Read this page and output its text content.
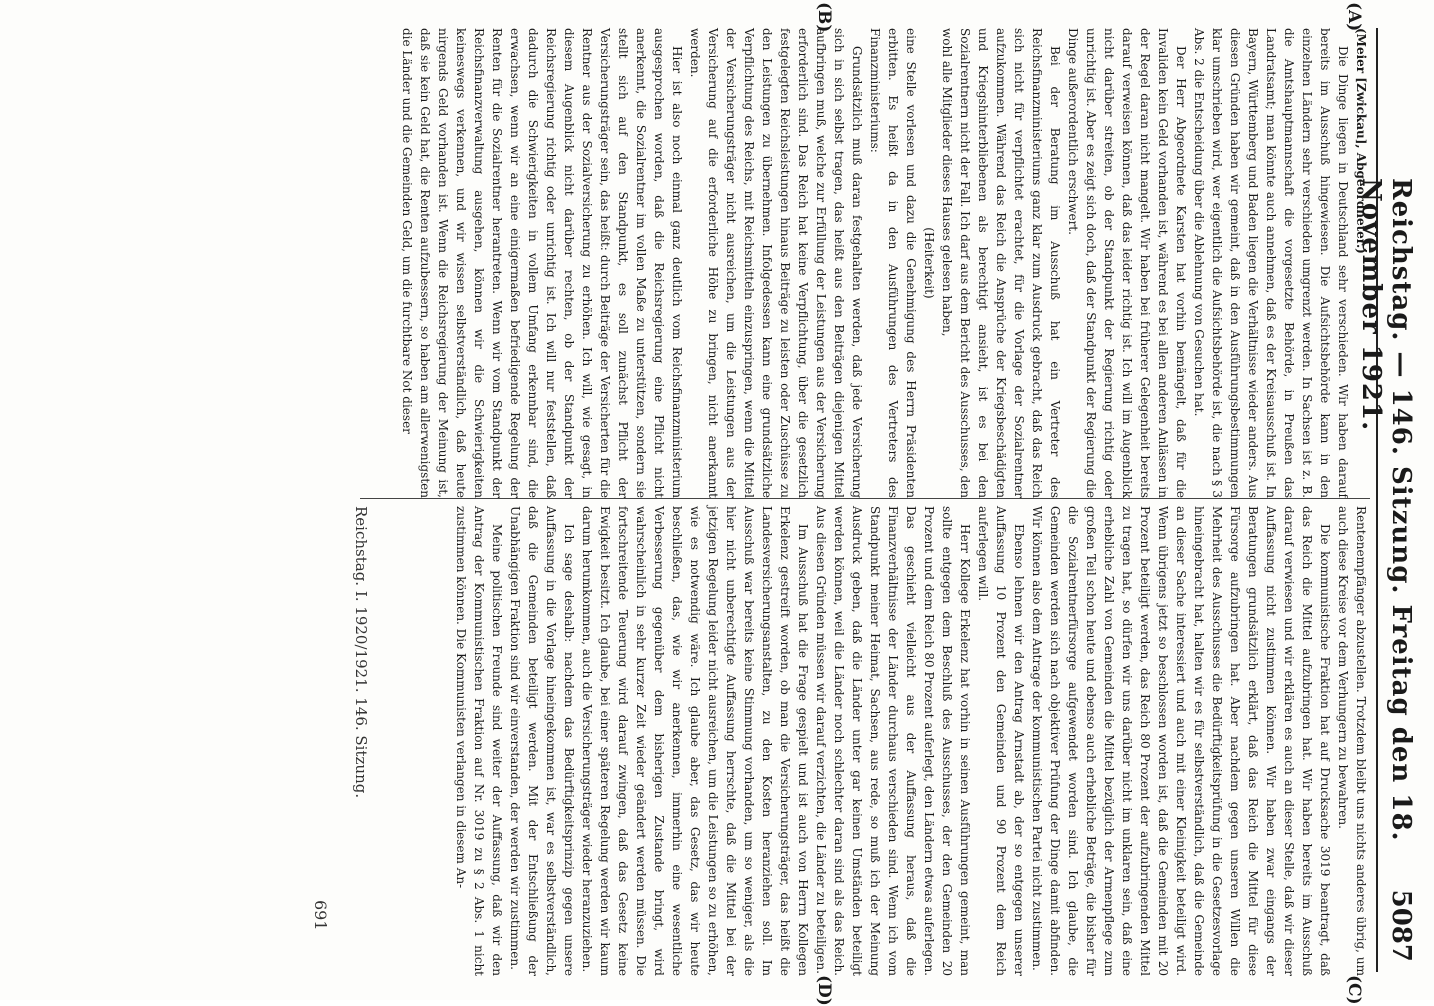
5087
Reichstag. — 146. Sitzung. Freitag den 18. November 1921.
(A)
(B)
(C)
(D)

(Meier [Zwickau], Abgeordneter.)

Die Dinge liegen in Deutschland sehr verschieden. Wir haben darauf bereits im Ausschuß hingewiesen. Die Aufsichtsbehörde kann in den einzelnen Ländern sehr verschieden umgrenzt werden. In Sachsen ist z. B. die Amtshauptmannschaft die vorgesetzte Behörde, in Preußen das Landratsamt; man könnte auch annehmen, daß es der Kreisausschuß ist. In Bayern, Württemberg und Baden liegen die Verhältnisse wieder anders. Aus diesen Gründen haben wir gemeint, daß in den Ausführungsbestimmungen klar umschrieben wird, wer eigentlich die Aufsichtsbehörde ist, die nach § 3 Abs. 2 die Entscheidung über die Ablehnung von Gesuchen hat.

Der Herr Abgeordnete Karsten hat vorhin bemängelt, daß für die Invaliden kein Geld vorhanden ist, während es bei allen anderen Anlässen in der Regel daran nicht mangelt. Wir haben bei früherer Gelegenheit bereits darauf verweisen können, daß das leider richtig ist. Ich will im Augenblick nicht darüber streiten, ob der Standpunkt der Regierung richtig oder unrichtig ist. Aber es zeigt sich doch, daß der Standpunkt der Regierung die Dinge außerordentlich erschwert.

Bei der Beratung im Ausschuß hat ein Vertreter des Reichsfinanzministeriums ganz klar zum Ausdruck gebracht, daß das Reich sich nicht für verpflichtet erachtet, für die Vorlage der Sozialrentner aufzukommen. Während das Reich die Ansprüche der Kriegsbeschädigten und Kriegshinterbliebenen als berechtigt ansieht, ist es bei den Sozialrentnern nicht der Fall. Ich darf aus dem Bericht des Ausschusses, den wohl alle Mitglieder dieses Hauses gelesen haben,

(Heiterkeit)

eine Stelle vorlesen und dazu die Genehmigung des Herrn Präsidenten erbitten. Es heißt da in den Ausführungen des Vertreters des Finanzministeriums:

Grundsätzlich muß daran festgehalten werden, daß jede Versicherung sich in sich selbst tragen, das heißt aus den Beiträgen diejenigen Mittel aufbringen muß, welche zur Erfüllung der Leistungen aus der Versicherung erforderlich sind. Das Reich hat keine Verpflichtung, über die gesetzlich festgelegten Reichsleistungen hinaus Beiträge zu leisten oder Zuschüsse zu den Leistungen zu übernehmen. Infolgedessen kann eine grundsätzliche Verpflichtung des Reichs, mit Reichsmitteln einzuspringen, wenn die Mittel der Versicherungsträger nicht ausreichen, um die Leistungen aus der Versicherung auf die erforderliche Höhe zu bringen, nicht anerkannt werden.

Hier ist also noch einmal ganz deutlich vom Reichsfinanzministerium ausgesprochen worden, daß die Reichsregierung eine Pflicht nicht anerkennt, die Sozialrentner im vollen Maße zu unterstützen, sondern sie stellt sich auf den Standpunkt, es soll zunächst Pflicht der Versicherungsträger sein, das heißt: durch Beiträge der Versicherten für die Rentner aus der Sozialversicherung zu erhöhen. Ich will, wie gesagt, in diesem Augenblick nicht darüber rechten, ob der Standpunkt der Reichsregierung richtig oder unrichtig ist. Ich will nur feststellen, daß dadurch die Schwierigkeiten in vollem Umfang erkennbar sind, die erwachsen, wenn wir an eine einigermaßen befriedigende Regelung der Renten für die Sozialrentner herantreten. Wenn wir vom Standpunkt der Reichsfinanzverwaltung ausgehen, können wir die Schwierigkeiten keineswegs verkennen, und wir wissen selbstverständlich, daß heute nirgends Geld vorhanden ist. Wenn die Reichsregierung der Meinung ist, daß sie kein Geld hat, die Renten aufzubessern, so haben am allerwenigsten die Länder und die Gemeinden Geld, um die furchtbare Not dieser

Rentenempfänger abzustellen. Trotzdem bleibt uns nichts anderes übrig, um auch diese Kreise vor dem Verhungern zu bewahren.

Die kommunistische Fraktion hat auf Drucksache 3019 beantragt, daß das Reich die Mittel aufzubringen hat. Wir haben bereits im Ausschuß darauf verwiesen und wir erklären es auch an dieser Stelle, daß wir dieser Auffassung nicht zustimmen können. Wir haben zwar eingangs der Beratungen grundsätzlich erklärt, daß das Reich die Mittel für diese Fürsorge aufzubringen hat. Aber nachdem gegen unseren Willen die Mehrheit des Ausschusses die Bedürftigkeitsprüfung in die Gesetzesvorlage hineingebracht hat, halten wir es für selbstverständlich, daß die Gemeinde an dieser Sache interessiert und auch mit einer Kleinigkeit beteiligt wird. Wenn übrigens jetzt so beschlossen worden ist, daß die Gemeinden mit 20 Prozent beteiligt werden, das Reich 80 Prozent der aufzubringenden Mittel zu tragen hat, so dürfen wir uns darüber nicht im unklaren sein, daß eine erhebliche Zahl von Gemeinden die Mittel bezüglich der Armenpflege zum großen Teil schon heute und ebenso auch erhebliche Beträge, die bisher für die Sozialrentnerfürsorge aufgewendet worden sind. Ich glaube, die Gemeinden werden sich nach objektiver Prüfung der Dinge damit abfinden. Wir können also dem Antrage der kommunistischen Partei nicht zustimmen.

Ebenso lehnen wir den Antrag Arnstadt ab, der so entgegen unserer Auffassung 10 Prozent den Gemeinden und 90 Prozent dem Reich auferlegen will.

Herr Kollege Erkelenz hat vorhin in seinen Ausführungen gemeint, man sollte entgegen dem Beschluß des Ausschusses, der den Gemeinden 20 Prozent und dem Reich 80 Prozent auferlegt, den Ländern etwas auferlegen. Das geschieht vielleicht aus der Auffassung heraus, daß die Finanzverhältnisse der Länder durchaus verschieden sind. Wenn ich vom Standpunkt meiner Heimat, Sachsen, aus rede, so muß ich der Meinung Ausdruck geben, daß die Länder unter gar keinen Umständen beteiligt werden können, weil die Länder noch schlechter daran sind als das Reich. Aus diesen Gründen müssen wir darauf verzichten, die Länder zu beteiligen.

Im Ausschuß hat die Frage gespielt und ist auch von Herrn Kollegen Erkelenz gestreift worden, ob man die Versicherungsträger, das heißt die Landesversicherungsanstalten, zu den Kosten heranziehen soll. Im Ausschuß war bereits keine Stimmung vorhanden, um so weniger, als die hier nicht unberechtigte Auffassung herrschte, daß die Mittel bei der jetzigen Regelung leider nicht ausreichen, um die Leistungen so zu erhöhen, wie es notwendig wäre. Ich glaube aber, das Gesetz, das wir heute beschließen, das, wie wir anerkennen, immerhin eine wesentliche Verbesserung gegenüber dem bisherigen Zustande bringt, wird wahrscheinlich in sehr kurzer Zeit wieder geändert werden müssen. Die fortschreitende Teuerung wird darauf zwingen, daß das Gesetz keine Ewigkeit besitzt. Ich glaube, bei einer späteren Regelung werden wir kaum darum herumkommen, auch die Versicherungsträger wieder heranzuziehen.

Ich sage deshalb: nachdem das Bedürftigkeitsprinzip gegen unsere Auffassung in die Vorlage hineingekommen ist, war es selbstverständlich, daß die Gemeinden beteiligt werden. Mit der Entschließung der Unabhängigen Fraktion sind wir einverstanden, der werden wir zustimmen.

Meine politischen Freunde sind weiter der Auffassung, daß wir den Antrag der Kommunistischen Fraktion auf Nr. 3019 zu § 2 Abs. 1 nicht zustimmen können. Die Kommunisten verlangen in diesem An-

Reichstag. I. 1920/1921. 146. Sitzung.
691
